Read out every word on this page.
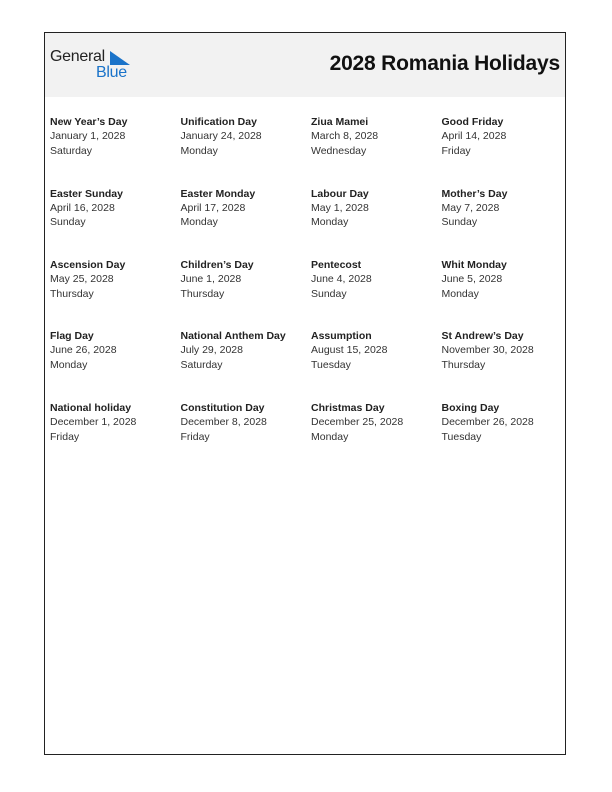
General
Blue	2028 Romania Holidays
New Year’s Day
January 1, 2028
Saturday
Unification Day
January 24, 2028
Monday
Ziua Mamei
March 8, 2028
Wednesday
Good Friday
April 14, 2028
Friday
Easter Sunday
April 16, 2028
Sunday
Easter Monday
April 17, 2028
Monday
Labour Day
May 1, 2028
Monday
Mother’s Day
May 7, 2028
Sunday
Ascension Day
May 25, 2028
Thursday
Children’s Day
June 1, 2028
Thursday
Pentecost
June 4, 2028
Sunday
Whit Monday
June 5, 2028
Monday
Flag Day
June 26, 2028
Monday
National Anthem Day
July 29, 2028
Saturday
Assumption
August 15, 2028
Tuesday
St Andrew’s Day
November 30, 2028
Thursday
National holiday
December 1, 2028
Friday
Constitution Day
December 8, 2028
Friday
Christmas Day
December 25, 2028
Monday
Boxing Day
December 26, 2028
Tuesday
